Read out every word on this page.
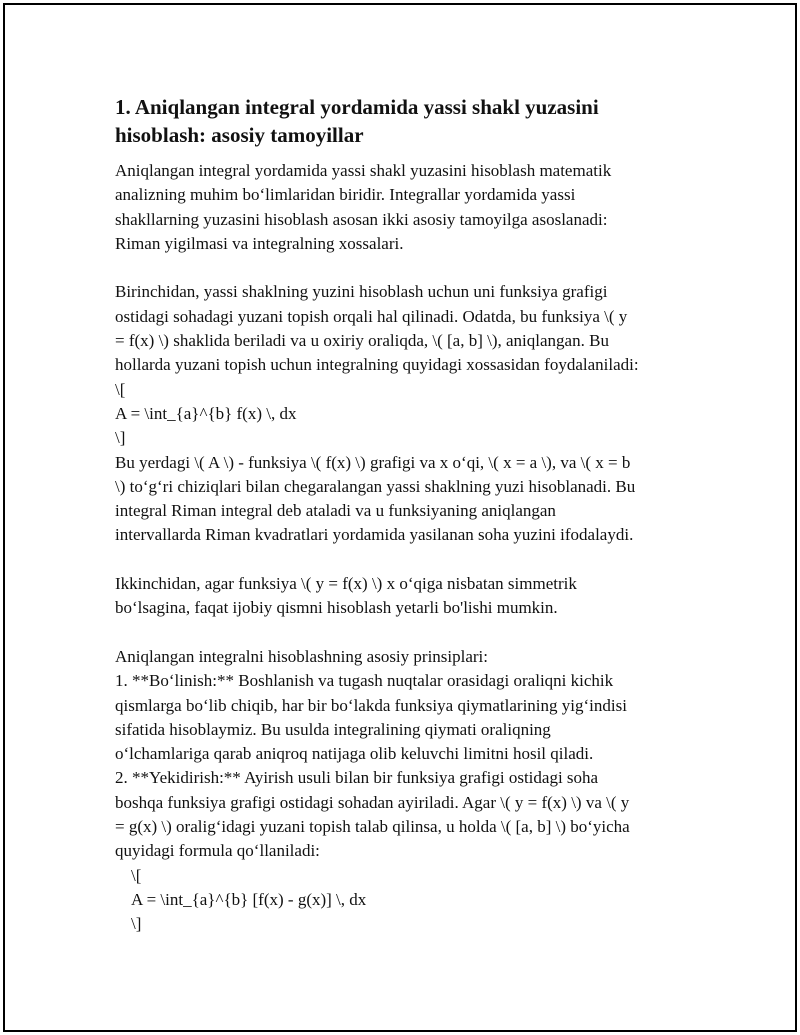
1. Aniqlangan integral yordamida yassi shakl yuzasini
hisoblash: asosiy tamoyillar

Aniqlangan integral yordamida yassi shakl yuzasini hisoblash matematik

analizning muhim bo‘limlaridan biridir. Integrallar yordamida yassi

shakllarning yuzasini hisoblash asosan ikki asosiy tamoyilga asoslanadi:

Riman yigilmasi va integralning xossalari.

Birinchidan, yassi shaklning yuzini hisoblash uchun uni funksiya grafigi

ostidagi sohadagi yuzani topish orqali hal qilinadi. Odatda, bu funksiya \( y

= f(x) \) shaklida beriladi va u oxiriy oraliqda, \( [a, b] \), aniqlangan. Bu

hollarda yuzani topish uchun integralning quyidagi xossasidan foydalaniladi:

\[

A = \int_{a}^{b} f(x) \, dx

\]

Bu yerdagi \( A \) - funksiya \( f(x) \) grafigi va x o‘qi, \( x = a \), va \( x = b

\) to‘g‘ri chiziqlari bilan chegaralangan yassi shaklning yuzi hisoblanadi. Bu

integral Riman integral deb ataladi va u funksiyaning aniqlangan

intervallarda Riman kvadratlari yordamida yasilanan soha yuzini ifodalaydi.

Ikkinchidan, agar funksiya \( y = f(x) \) x o‘qiga nisbatan simmetrik

bo‘lsagina, faqat ijobiy qismni hisoblash yetarli bo'lishi mumkin.

Aniqlangan integralni hisoblashning asosiy prinsiplari:

1. **Bo‘linish:** Boshlanish va tugash nuqtalar orasidagi oraliqni kichik

qismlarga bo‘lib chiqib, har bir bo‘lakda funksiya qiymatlarining yig‘indisi

sifatida hisoblaymiz. Bu usulda integralining qiymati oraliqning

o‘lchamlariga qarab aniqroq natijaga olib keluvchi limitni hosil qiladi.

2. **Yekidirish:** Ayirish usuli bilan bir funksiya grafigi ostidagi soha

boshqa funksiya grafigi ostidagi sohadan ayiriladi. Agar \( y = f(x) \) va \( y

= g(x) \) oralig‘idagi yuzani topish talab qilinsa, u holda \( [a, b] \) bo‘yicha

quyidagi formula qo‘llaniladi:

\[

A = \int_{a}^{b} [f(x) - g(x)] \, dx

\]
